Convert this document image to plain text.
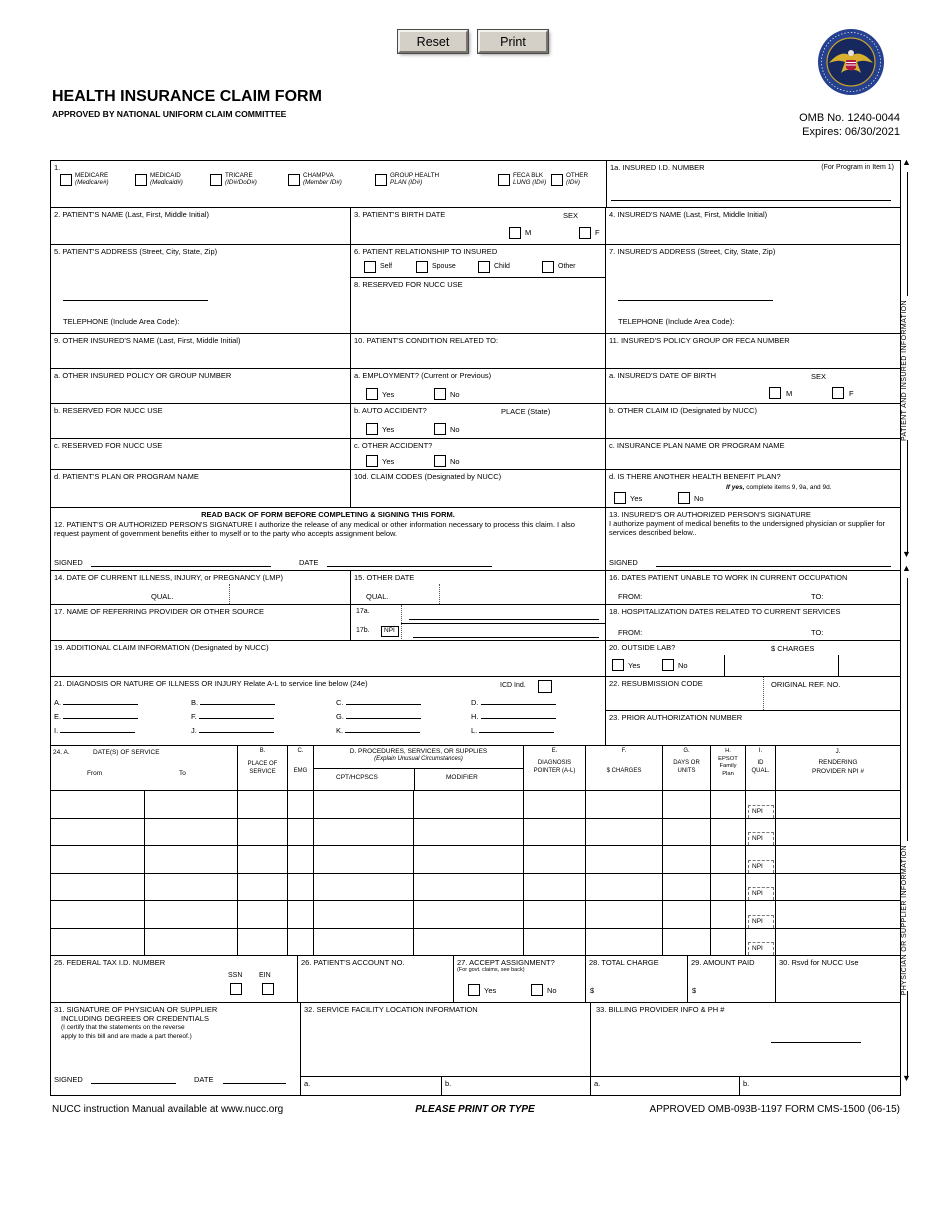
Reset	Print
HEALTH INSURANCE CLAIM FORM
APPROVED BY NATIONAL UNIFORM CLAIM COMMITTEE	OMB No. 1240-0044
Expires: 06/30/2021
▲
PATIENT AND INSURED INFORMATION
▼
▲
PHYSICIAN OR SUPPLIER INFORMATION
▼
1.
MEDICARE
(Medicare#)
MEDICAID
(Medicaid#)
TRICARE
(ID#/DoD#)
CHAMPVA
(Member ID#)
GROUP HEALTH
PLAN (ID#)
FECA BLK
LUNG (ID#)
OTHER
(ID#)
1a. INSURED I.D. NUMBER	(For Program in Item 1)
2. PATIENT'S NAME (Last, First, Middle Initial)	3. PATIENT'S BIRTH DATE	SEX
M	F
4. INSURED'S NAME (Last, First, Middle Initial)
5. PATIENT'S ADDRESS (Street, City, State, Zip)
TELEPHONE (Include Area Code):
6. PATIENT RELATIONSHIP TO INSURED
Self	Spouse	Child	Other
8. RESERVED FOR NUCC USE
7. INSURED'S ADDRESS (Street, City, State, Zip)
TELEPHONE (Include Area Code):
9. OTHER INSURED'S NAME (Last, First, Middle Initial)	10. PATIENT'S CONDITION RELATED TO:	11. INSURED'S POLICY GROUP OR FECA NUMBER
a. OTHER INSURED POLICY OR GROUP NUMBER	a. EMPLOYMENT? (Current or Previous)
Yes	No
a. INSURED'S DATE OF BIRTH	SEX
M	F
b. RESERVED FOR NUCC USE	b. AUTO ACCIDENT?	PLACE (State)
Yes	No
b. OTHER CLAIM ID (Designated by NUCC)
c. RESERVED FOR NUCC USE	c. OTHER ACCIDENT?
Yes	No
c. INSURANCE PLAN NAME OR PROGRAM NAME
d. PATIENT'S PLAN OR PROGRAM NAME	10d. CLAIM CODES (Designated by NUCC)	d. IS THERE ANOTHER HEALTH BENEFIT PLAN?
If yes, complete items 9, 9a, and 9d.
Yes	No
READ BACK OF FORM BEFORE COMPLETING & SIGNING THIS FORM.
12. PATIENT'S OR AUTHORIZED PERSON'S SIGNATURE I authorize the release of any medical or other information necessary to process this claim. I also request payment of government benefits either to myself or to the party who accepts assignment below.
SIGNED	DATE
13. INSURED'S OR AUTHORIZED PERSON'S SIGNATURE
I authorize payment of medical benefits to the undersigned physician or supplier for services described below..
SIGNED
14. DATE OF CURRENT ILLNESS, INJURY, or PREGNANCY (LMP)
QUAL.
15. OTHER DATE
QUAL.
16. DATES PATIENT UNABLE TO WORK IN CURRENT OCCUPATION
FROM:	TO:
17. NAME OF REFERRING PROVIDER OR OTHER SOURCE	17a.
17b.	NPI
18. HOSPITALIZATION DATES RELATED TO CURRENT SERVICES
FROM:	TO:
19. ADDITIONAL CLAIM INFORMATION (Designated by NUCC)	20. OUTSIDE LAB?	$ CHARGES
Yes	No
21. DIAGNOSIS OR NATURE OF ILLNESS OR INJURY Relate A-L to service line below (24e)	ICD Ind.
A.	B.	C.	D.
E.	F.	G.	H.
I.	J.	K.	L.
22. RESUBMISSION CODE	ORIGINAL REF. NO.
23. PRIOR AUTHORIZATION NUMBER
24. A.	DATE(S) OF SERVICE
From	To
B.
PLACE OF
SERVICE
C.
EMG
D. PROCEDURES, SERVICES, OR SUPPLIES
(Explain Unusual Circumstances)
CPT/HCPSCS	MODIFIER
E.
DIAGNOSIS
POINTER (A-L)
F.
$ CHARGES
G.
DAYS OR
UNITS
H.
EPSOT
Family
Plan
I.
ID
QUAL.
J.
RENDERING
PROVIDER NPI #
NPI
NPI
NPI
NPI
NPI
NPI
25. FEDERAL TAX I.D. NUMBER
SSN EIN
26. PATIENT'S ACCOUNT NO.	27. ACCEPT ASSIGNMENT?
(For govt. claims, see back)
Yes	No
28. TOTAL CHARGE
$
29. AMOUNT PAID
$
30. Rsvd for NUCC Use
31. SIGNATURE OF PHYSICIAN OR SUPPLIER
INCLUDING DEGREES OR CREDENTIALS
(I certify that the statements on the reverse
apply to this bill and are made a part thereof.)
SIGNED	DATE
32. SERVICE FACILITY LOCATION INFORMATION
a.	b.
33. BILLING PROVIDER INFO & PH #
a.	b.
NUCC instruction Manual available at www.nucc.org	PLEASE PRINT OR TYPE	APPROVED OMB-093B-1197 FORM CMS-1500 (06-15)
